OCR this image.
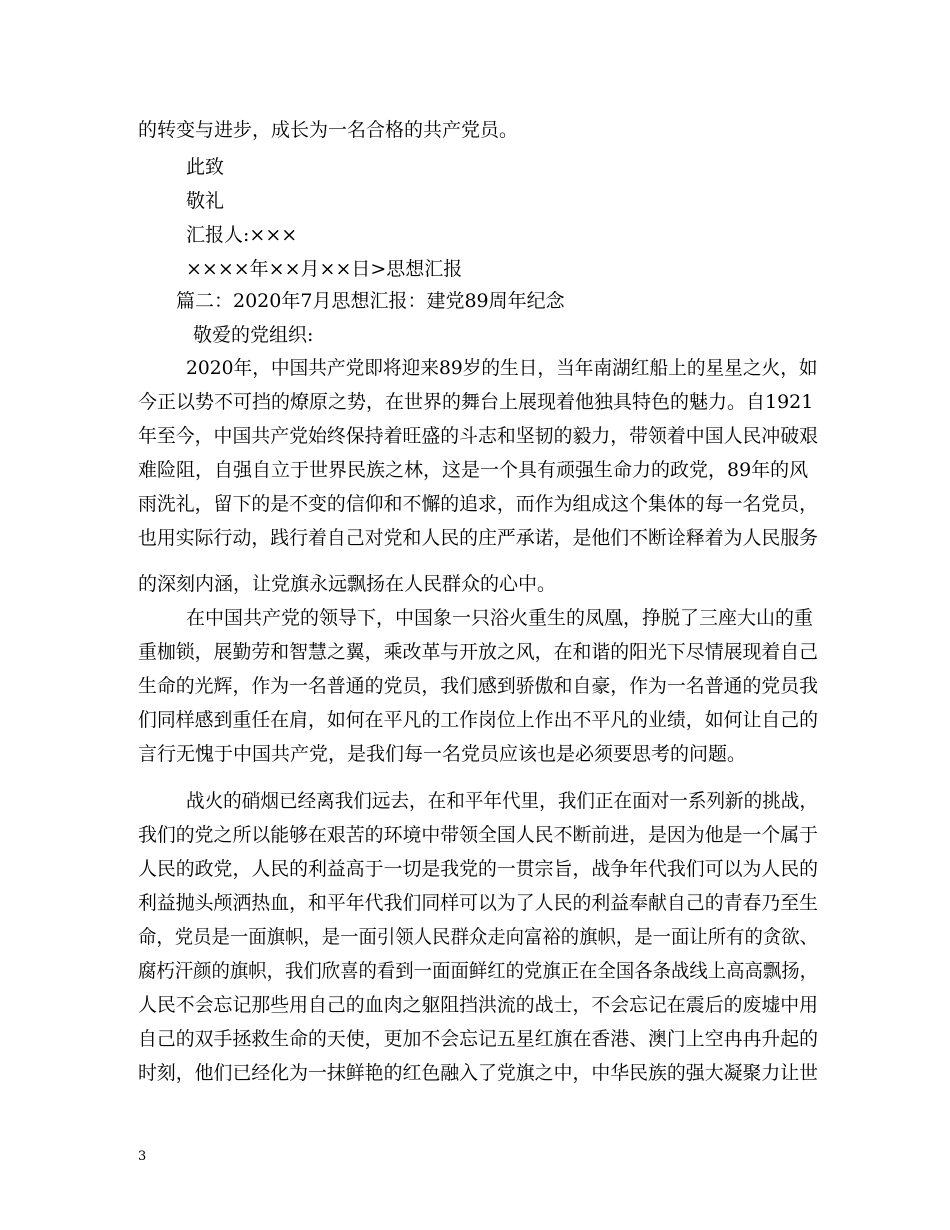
的转变与进步，成长为一名合格的共产党员。
此致
敬礼
汇报人:×××
××××年××月××日>思想汇报
篇二：2020年7月思想汇报：建党89周年纪念
敬爱的党组织:
2020年，中国共产党即将迎来89岁的生日，当年南湖红船上的星星之火，如
今正以势不可挡的燎原之势，在世界的舞台上展现着他独具特色的魅力。自1921
年至今，中国共产党始终保持着旺盛的斗志和坚韧的毅力，带领着中国人民冲破艰
难险阻，自强自立于世界民族之林，这是一个具有顽强生命力的政党，89年的风
雨洗礼，留下的是不变的信仰和不懈的追求，而作为组成这个集体的每一名党员，
也用实际行动，践行着自己对党和人民的庄严承诺，是他们不断诠释着为人民服务
的深刻内涵，让党旗永远飘扬在人民群众的心中。
在中国共产党的领导下，中国象一只浴火重生的凤凰，挣脱了三座大山的重
重枷锁，展勤劳和智慧之翼，乘改革与开放之风，在和谐的阳光下尽情展现着自己
生命的光辉，作为一名普通的党员，我们感到骄傲和自豪，作为一名普通的党员我
们同样感到重任在肩，如何在平凡的工作岗位上作出不平凡的业绩，如何让自己的
言行无愧于中国共产党，是我们每一名党员应该也是必须要思考的问题。
战火的硝烟已经离我们远去，在和平年代里，我们正在面对一系列新的挑战，
我们的党之所以能够在艰苦的环境中带领全国人民不断前进，是因为他是一个属于
人民的政党，人民的利益高于一切是我党的一贯宗旨，战争年代我们可以为人民的
利益抛头颅洒热血，和平年代我们同样可以为了人民的利益奉献自己的青春乃至生
命，党员是一面旗帜，是一面引领人民群众走向富裕的旗帜，是一面让所有的贪欲、
腐朽汗颜的旗帜，我们欣喜的看到一面面鲜红的党旗正在全国各条战线上高高飘扬，
人民不会忘记那些用自己的血肉之躯阻挡洪流的战士，不会忘记在震后的废墟中用
自己的双手拯救生命的天使，更加不会忘记五星红旗在香港、澳门上空冉冉升起的
时刻，他们已经化为一抹鲜艳的红色融入了党旗之中，中华民族的强大凝聚力让世
3
